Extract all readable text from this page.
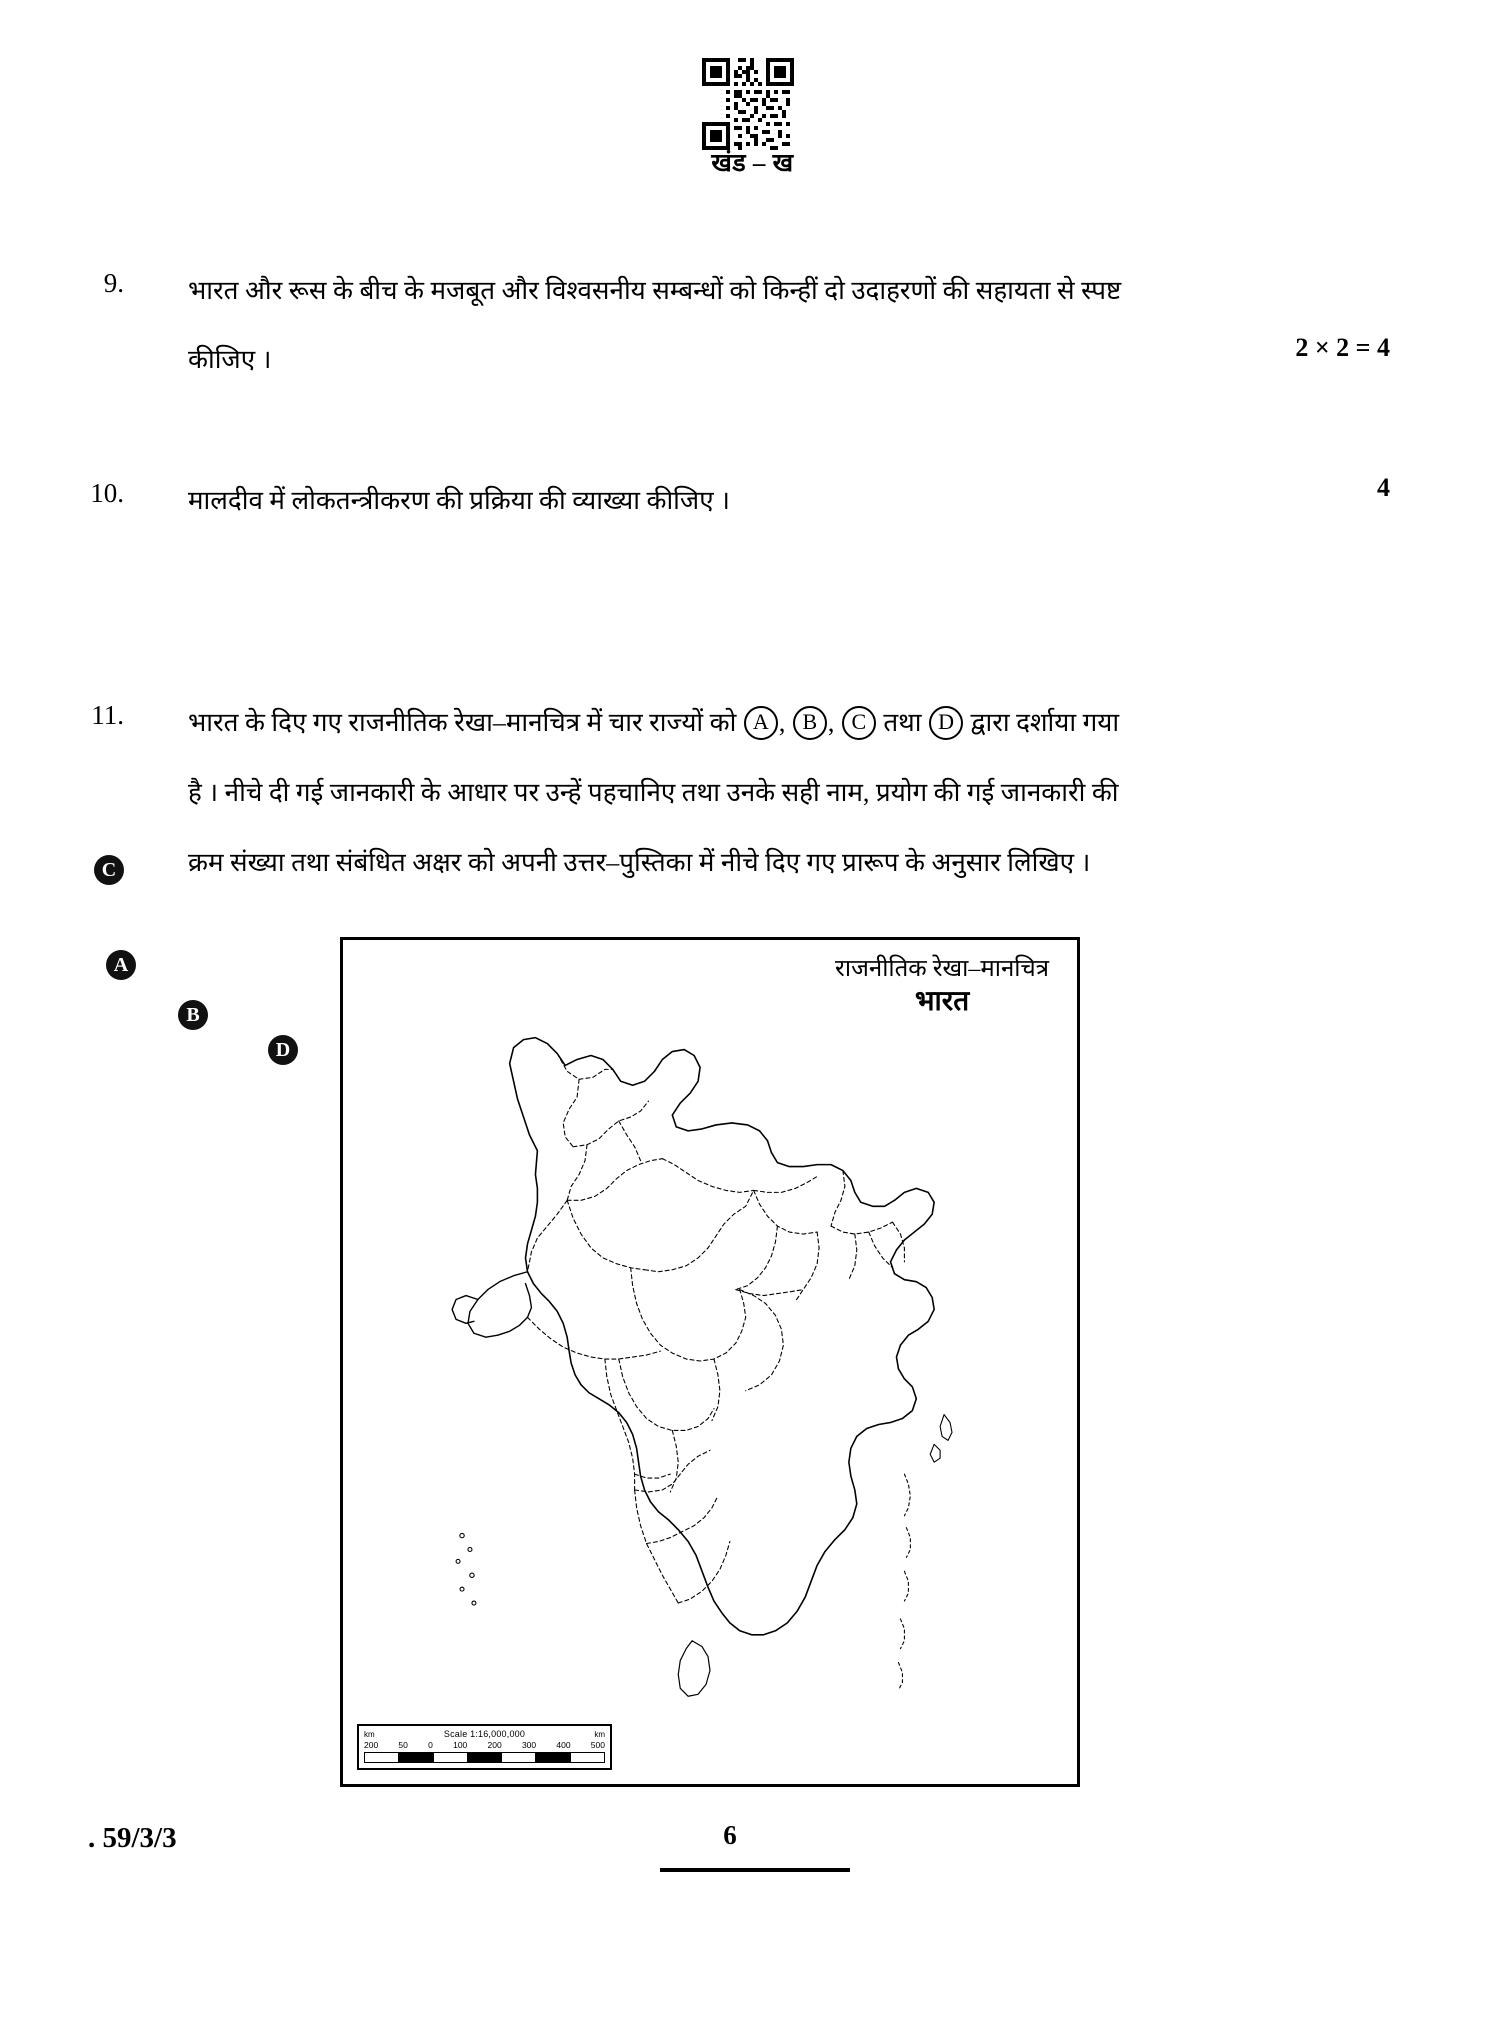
खंड – ख
9. भारत और रूस के बीच के मजबूत और विश्वसनीय सम्बन्धों को किन्हीं दो उदाहरणों की सहायता से स्पष्ट
कीजिए ।	2 × 2 = 4
10. मालदीव में लोकतन्त्रीकरण की प्रक्रिया की व्याख्या कीजिए ।	4
11. भारत के दिए गए राजनीतिक रेखा–मानचित्र में चार राज्यों को A , B , C तथा D द्वारा दर्शाया गया
है । नीचे दी गई जानकारी के आधार पर उन्हें पहचानिए तथा उनके सही नाम, प्रयोग की गई जानकारी की
क्रम संख्या तथा संबंधित अक्षर को अपनी उत्तर–पुस्तिका में नीचे दिए गए प्रारूप के अनुसार लिखिए ।
राजनीतिक रेखा–मानचित्र
भारत
km	Scale 1:16,000,000	km
200 50 0 100 200 300 400 500
C
A
B
D
. 59/3/3	6
